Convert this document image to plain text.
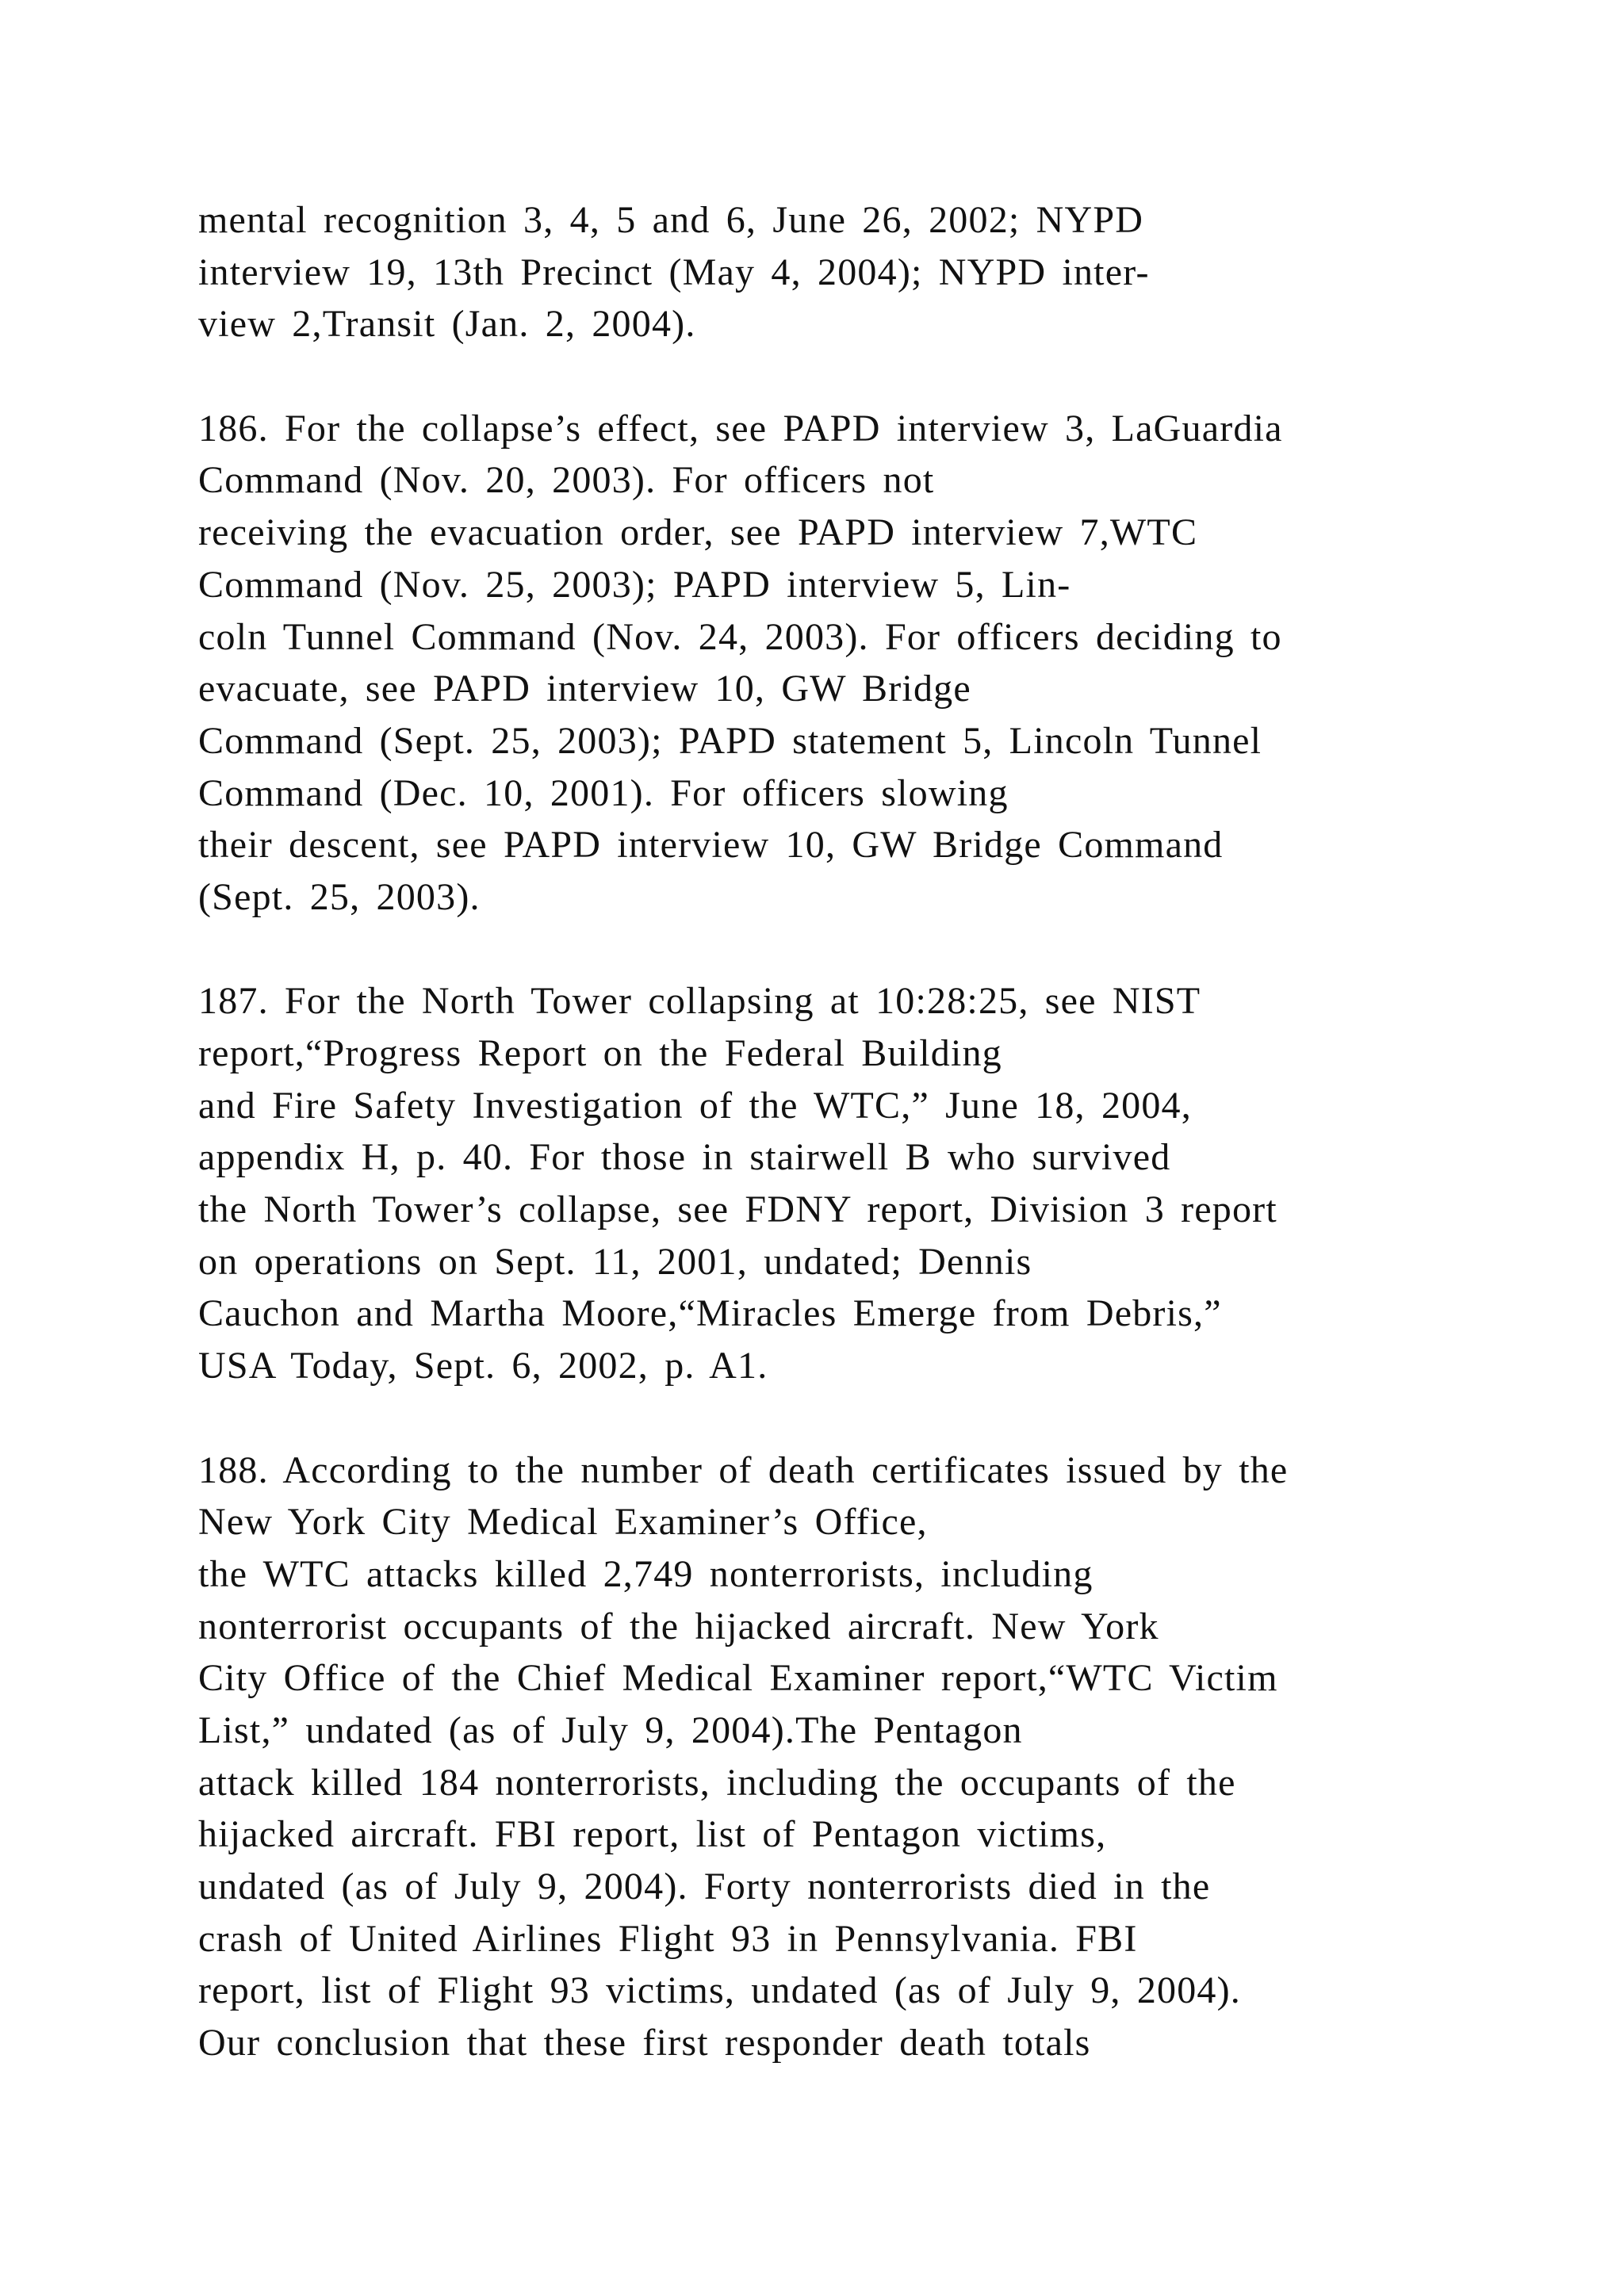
mental recognition 3, 4, 5 and 6, June 26, 2002; NYPD
interview 19, 13th Precinct (May 4, 2004); NYPD inter-
view 2,Transit (Jan. 2, 2004).
186. For the collapse’s effect, see PAPD interview 3, LaGuardia
Command (Nov. 20, 2003). For officers not
receiving the evacuation order, see PAPD interview 7,WTC
Command (Nov. 25, 2003); PAPD interview 5, Lin-
coln Tunnel Command (Nov. 24, 2003). For officers deciding to
evacuate, see PAPD interview 10, GW Bridge
Command (Sept. 25, 2003); PAPD statement 5, Lincoln Tunnel
Command (Dec. 10, 2001). For officers slowing
their descent, see PAPD interview 10, GW Bridge Command
(Sept. 25, 2003).
187. For the North Tower collapsing at 10:28:25, see NIST
report,“Progress Report on the Federal Building
and Fire Safety Investigation of the WTC,” June 18, 2004,
appendix H, p. 40. For those in stairwell B who survived
the North Tower’s collapse, see FDNY report, Division 3 report
on operations on Sept. 11, 2001, undated; Dennis
Cauchon and Martha Moore,“Miracles Emerge from Debris,”
USA Today, Sept. 6, 2002, p. A1.
188. According to the number of death certificates issued by the
New York City Medical Examiner’s Office,
the WTC attacks killed 2,749 nonterrorists, including
nonterrorist occupants of the hijacked aircraft. New York
City Office of the Chief Medical Examiner report,“WTC Victim
List,” undated (as of July 9, 2004).The Pentagon
attack killed 184 nonterrorists, including the occupants of the
hijacked aircraft. FBI report, list of Pentagon victims,
undated (as of July 9, 2004). Forty nonterrorists died in the
crash of United Airlines Flight 93 in Pennsylvania. FBI
report, list of Flight 93 victims, undated (as of July 9, 2004).
Our conclusion that these first responder death totals
